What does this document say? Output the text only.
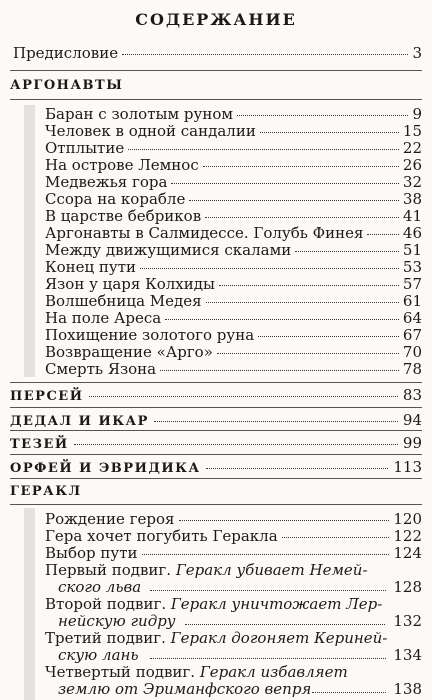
СОДЕРЖАНИЕ
Предисловие	3
АРГОНАВТЫ
Баран с золотым руном	9
Человек в одной сандалии	15
Отплытие	22
На острове Лемнос	26
Медвежья гора	32
Ссора на корабле	38
В царстве бебриков	41
Аргонавты в Салмидессе. Голубь Финея	46
Между движущимися скалами	51
Конец пути	53
Язон у царя Колхиды	57
Волшебница Медея	61
На поле Ареса	64
Похищение золотого руна	67
Возвращение «Арго»	70
Смерть Язона	78
ПЕРСЕЙ	83
ДЕДАЛ И ИКАР	94
ТЕЗЕЙ	99
ОРФЕЙ И ЭВРИДИКА	113
ГЕРАКЛ
Рождение героя	120
Гера хочет погубить Геракла	122
Выбор пути	124
Первый подвиг. Геракл убивает Немей-
ского льва	128
Второй подвиг. Геракл уничтожает Лер-
нейскую гидру	132
Третий подвиг. Геракл догоняет Кериней-
скую лань	134
Четвертый подвиг. Геракл избавляет
землю от Эриманфского вепря	138
